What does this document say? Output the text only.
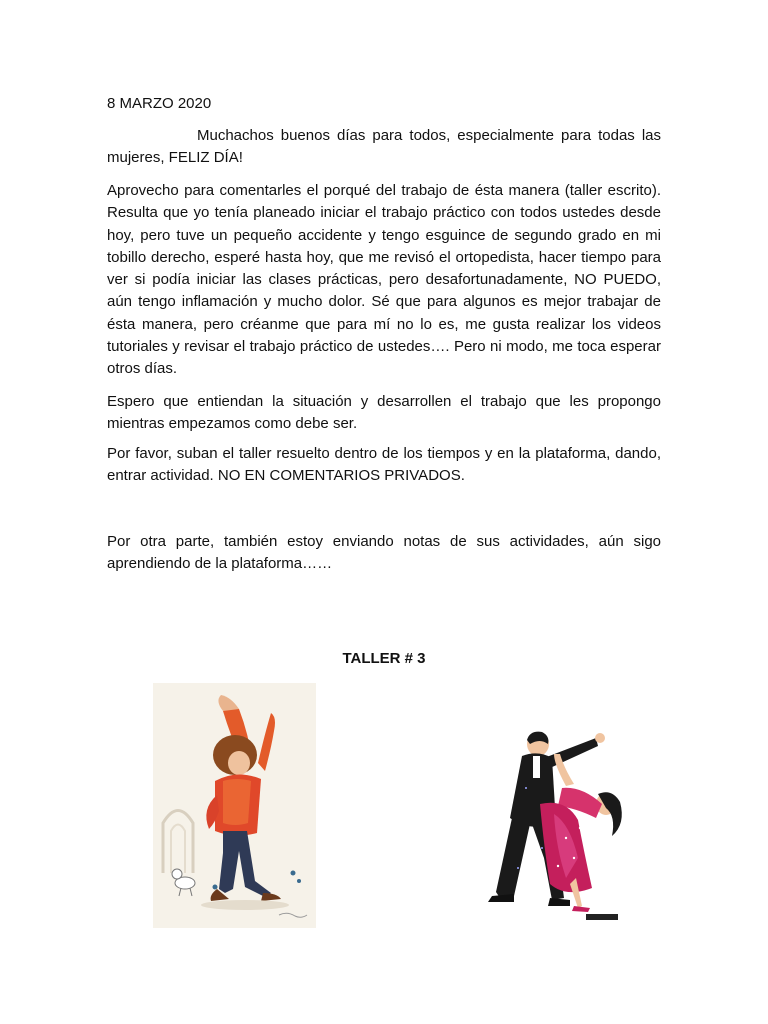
8 MARZO 2020
Muchachos buenos días para todos, especialmente para todas las mujeres, FELIZ DÍA!
Aprovecho para comentarles el porqué del trabajo de ésta manera (taller escrito). Resulta que yo tenía planeado iniciar el trabajo práctico con todos ustedes desde hoy, pero tuve un pequeño accidente y tengo esguince de segundo grado en mi tobillo derecho, esperé hasta hoy, que me revisó el ortopedista, hacer tiempo para ver si podía iniciar las clases prácticas, pero desafortunadamente, NO PUEDO, aún tengo inflamación y mucho dolor. Sé que para algunos es mejor trabajar de ésta manera, pero créanme que para mí no lo es, me gusta realizar los videos tutoriales y revisar el trabajo práctico de ustedes…. Pero ni modo, me toca esperar otros días.
Espero que entiendan la situación y desarrollen el trabajo que les propongo mientras empezamos como debe ser.
Por favor, suban el taller resuelto dentro de los tiempos y en la plataforma, dando, entrar actividad. NO EN COMENTARIOS PRIVADOS.
Por otra parte, también estoy enviando notas de sus actividades, aún sigo aprendiendo de la plataforma……
TALLER # 3
